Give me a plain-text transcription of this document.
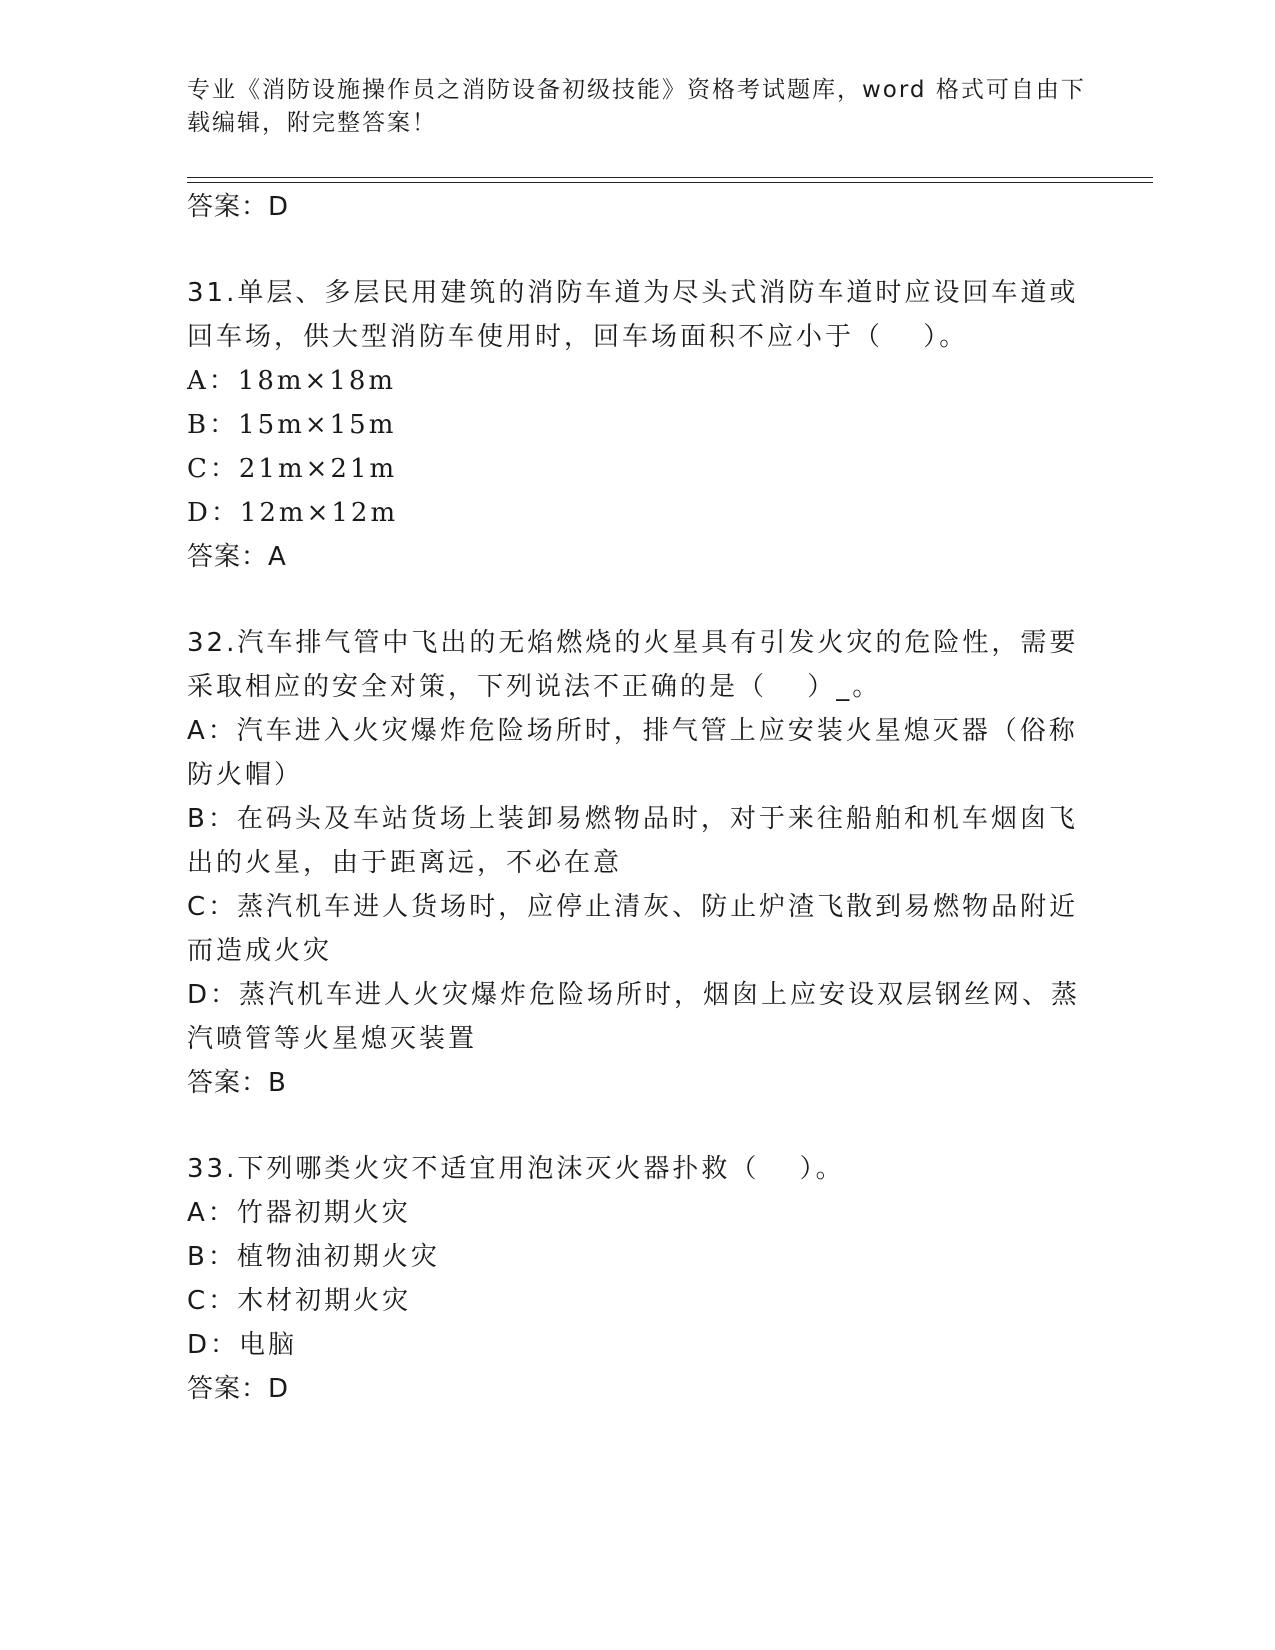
专业《消防设施操作员之消防设备初级技能》资格考试题库，word 格式可自由下
载编辑，附完整答案！
答案：D
31.单层、多层民用建筑的消防车道为尽头式消防车道时应设回车道或
回车场，供大型消防车使用时，回车场面积不应小于（　 ）。
A：18m×18m
B：15m×15m
C：21m×21m
D：12m×12m
答案：A
32.汽车排气管中飞出的无焰燃烧的火星具有引发火灾的危险性，需要
采取相应的安全对策，下列说法不正确的是（　 ）_。
A：汽车进入火灾爆炸危险场所时，排气管上应安装火星熄灭器（俗称
防火帽）
B：在码头及车站货场上装卸易燃物品时，对于来往船舶和机车烟囱飞
出的火星，由于距离远，不必在意
C：蒸汽机车进人货场时，应停止清灰、防止炉渣飞散到易燃物品附近
而造成火灾
D：蒸汽机车进人火灾爆炸危险场所时，烟囱上应安设双层钢丝网、蒸
汽喷管等火星熄灭装置
答案：B
33.下列哪类火灾不适宜用泡沫灭火器扑救（　 ）。
A：竹器初期火灾
B：植物油初期火灾
C：木材初期火灾
D：电脑
答案：D
